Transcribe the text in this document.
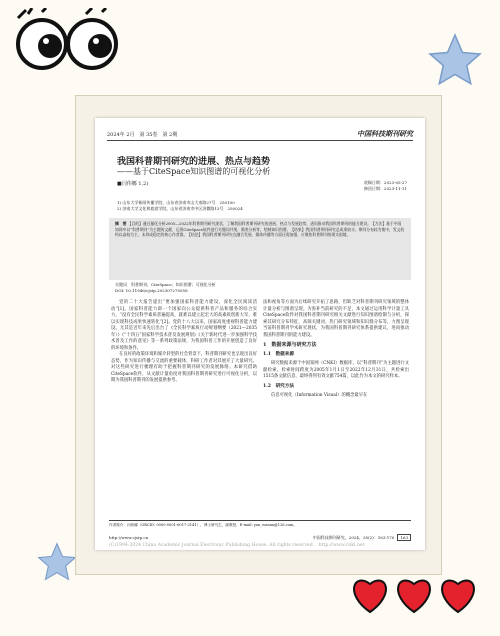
2024年 2月　第 35卷　第 2期	中国科技期刊研究
我国科普期刊研究的进展、热点与趋势
——基于CiteSpace知识图谱的可视化分析
■闫伟娜 1,2)	收稿日期：2023-05-27
修回日期：2023-11-11
1) 山东大学新闻传播学院，山东省济南市山大南路27号　250100
2) 济南大学文化和旅游学院，山东省济南市中区济微路13号　250024
摘　要 【目的】通过量化分析2005—2022年科普期刊研究现状，了解我国科普期刊研究的进展、热点与发展趋势，进而推动我国科普期刊的能力建设。【方法】基于中国知网中以“科普期刊”为主题的文献，运用CiteSpace软件进行关键词共现、聚类分析等，绘制知识图谱。【结果】我国科普期刊研究总成果较丰，期刊分布较为集中，发文机构以高校为主，未形成稳定的核心作者群。【结论】我国科普期刊研究在融合发展、媒体传播等方面还需加强，应聚焦科普期刊的现实困境。
关键词　科普期刊；CiteSpace；知识图谱；可视化分析
DOI: 10.11946/cjstp.202307270558

党的二十大报告提出“要加强国家科普能力建设，深化全民阅读活动”[1]。国家科普能力即一个国家向公众提供科普产品和服务的综合实力，“没有全民科学素质普遍提高，就难以建立起宏大的高素质创新大军，难以实现科技成果快速转化”[2]。党的十八大以来，国家高度重视科普能力建设。尤其是近年来先后出台了《全民科学素质行动规划纲要（2021—2035年）》《“十四五”国家科学技术普及发展规划》《关于新时代进一步加强科学技术普及工作的意见》等一系列政策法规，为我国科普工作的开展创造了良好的环境和条件。

在良好的政策环境和媒介转型的社会背景下，科普期刊研究也呈现出良好态势，作为知识传播与交流的重要载体，科研工作者对其展开了大量研究。对这些研究进行梳理有助于把握科普期刊研究的发展脉络。本研究借助CiteSpace软件，从文献计量角度对我国科普期刊研究进行可视化分析，以期为我国科普期刊的发展提供参考。

法和视角等方面为后续研究开拓了思路，但缺乏对科普期刊研究领域的整体计量分析与图谱呈现。为弥补当前研究的不足，本文通过运用科学计量工具CiteSpace软件对我国科普期刊研究相关文献进行知识图谱绘制与分析，探索其研究分布特征、高频关键词、热门研究领域和知识群分布等，力图呈现当前科普期刊学术研究现状，为我国科普期刊研究体系提供建议，进而推动我国科普期刊的能力建设。

1　数据来源与研究方法
1.1　数据来源

研究数据来源于中国知网（CNKI）数据库，以“科普期刊”为主题进行文献检索，检索时间跨度为2005年1月1日至2022年12月31日，共检索出1515条文献信息，最终得到有效文献754篇，以此作为本文的研究样本。

1.2　研究方法

信息可视化（Information Visual）的概念最早在

作者简介：闫伟娜（ORCID: 0000-0001-6017-2141），博士研究生，副教授，E-mail: yan_wanna@126.com。
http://www.cjstp.cn	中国科技期刊研究，2024，35(2)：163-170 163
(C)1994-2024 China Academic Journal Electronic Publishing House. All rights reserved.　http://www.cnki.net
